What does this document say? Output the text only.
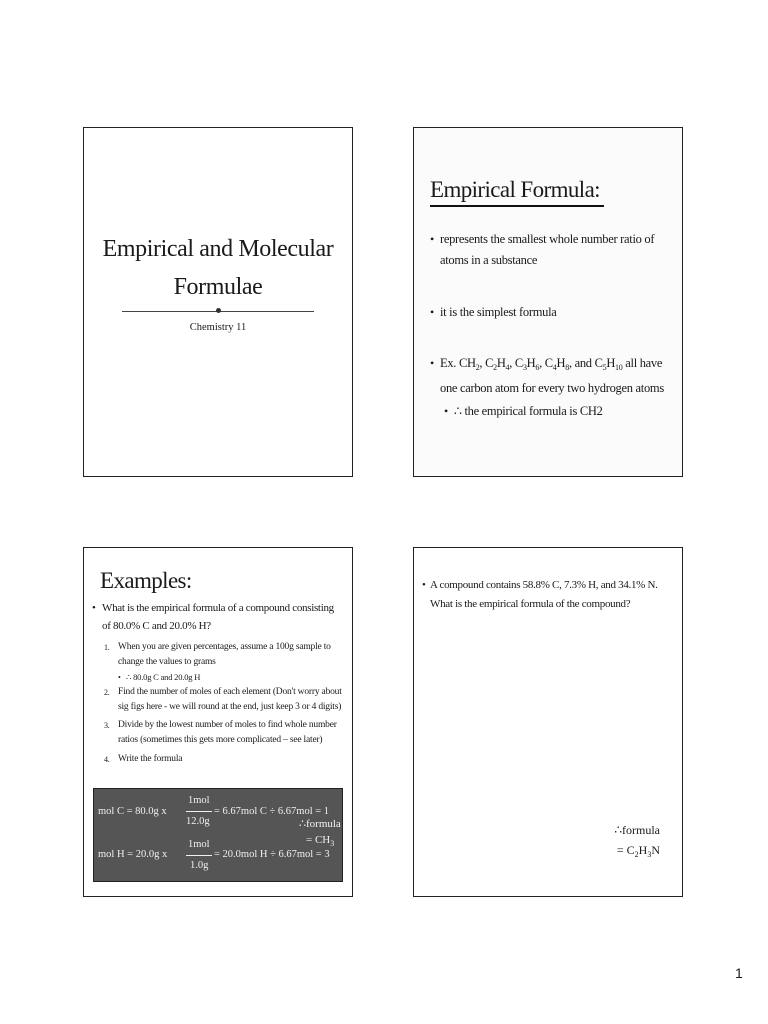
Empirical and Molecular
Formulae
Chemistry 11
Empirical Formula:
• represents the smallest whole number ratio of atoms in a substance
• it is the simplest formula
• Ex. $CH_2$, $C_2H_4$, $C_3H_6$, $C_4H_8$, and $C_5H_{10}$ all have one carbon atom for every two hydrogen atoms
• ∴ the empirical formula is CH2
Examples:
• What is the empirical formula of a compound consisting of 80.0% C and 20.0% H?
1. When you are given percentages, assume a 100g sample to change the values to grams
• ∴ 80.0g C and 20.0g H
2. Find the number of moles of each element (Don't worry about sig figs here - we will round at the end, just keep 3 or 4 digits)
3. Divide by the lowest number of moles to find whole number ratios (sometimes this gets more complicated – see later)
4. Write the formula
mol C = 80.0g x
1mol
12.0g
= 6.67mol C ÷ 6.67mol = 1
mol H = 20.0g x
1mol
1.0g
= 20.0mol H ÷ 6.67mol = 3
∴formula
= $CH_3$
• A compound contains 58.8% C, 7.3% H, and 34.1% N. What is the empirical formula of the compound?
∴formula
= $C_2H_3N$
1
